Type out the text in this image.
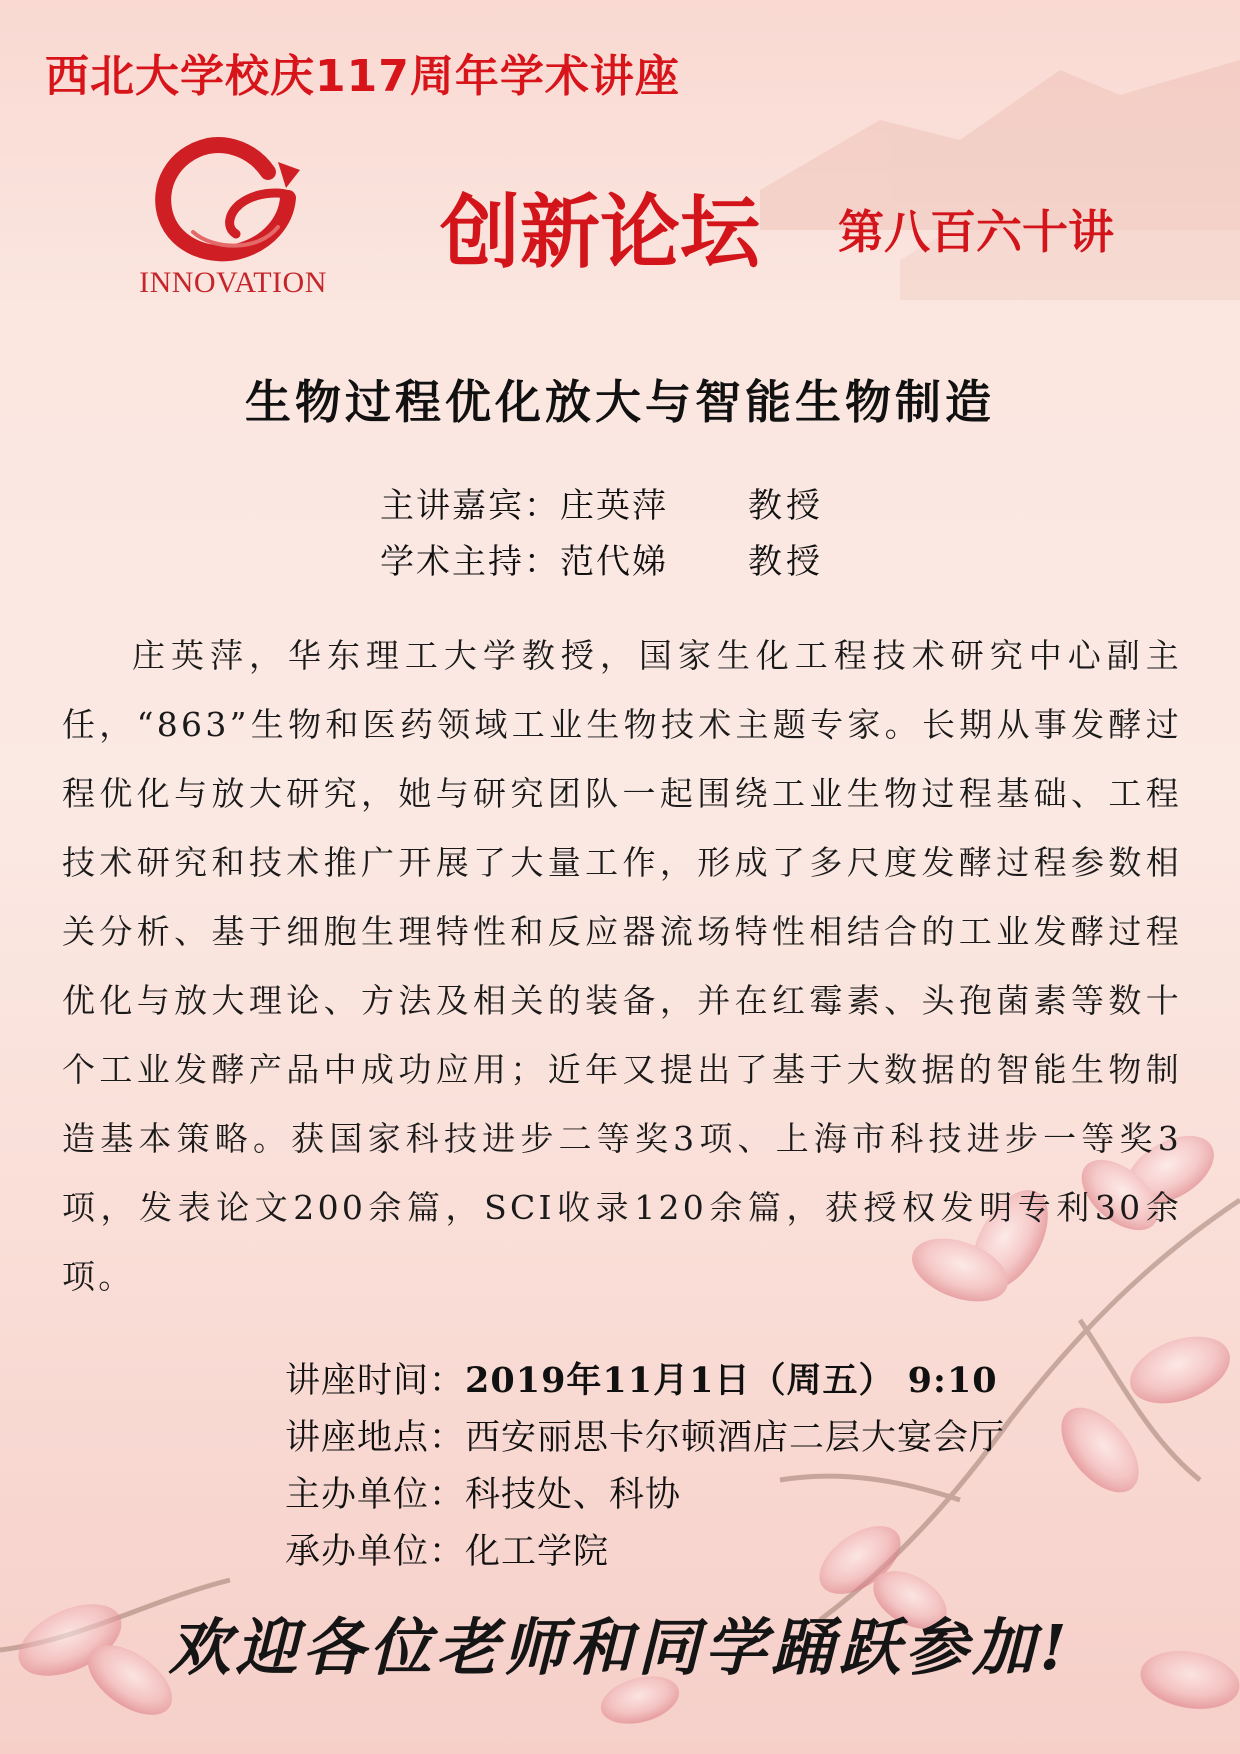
西北大学校庆117周年学术讲座
INNOVATION
创新论坛 第八百六十讲
生物过程优化放大与智能生物制造
主讲嘉宾：庄英萍 教授
学术主持：范代娣 教授

庄英萍，华东理工大学教授，国家生化工程技术研究中心副主任，“863”生物和医药领域工业生物技术主题专家。长期从事发酵过程优化与放大研究，她与研究团队一起围绕工业生物过程基础、工程技术研究和技术推广开展了大量工作，形成了多尺度发酵过程参数相关分析、基于细胞生理特性和反应器流场特性相结合的工业发酵过程优化与放大理论、方法及相关的装备，并在红霉素、头孢菌素等数十个工业发酵产品中成功应用；近年又提出了基于大数据的智能生物制造基本策略。获国家科技进步二等奖3项、上海市科技进步一等奖3项，发表论文200余篇，SCI收录120余篇，获授权发明专利30余项。

讲座时间：2019年11月1日（周五） 9:10
讲座地点：西安丽思卡尔顿酒店二层大宴会厅
主办单位：科技处、科协
承办单位：化工学院
欢迎各位老师和同学踊跃参加!
